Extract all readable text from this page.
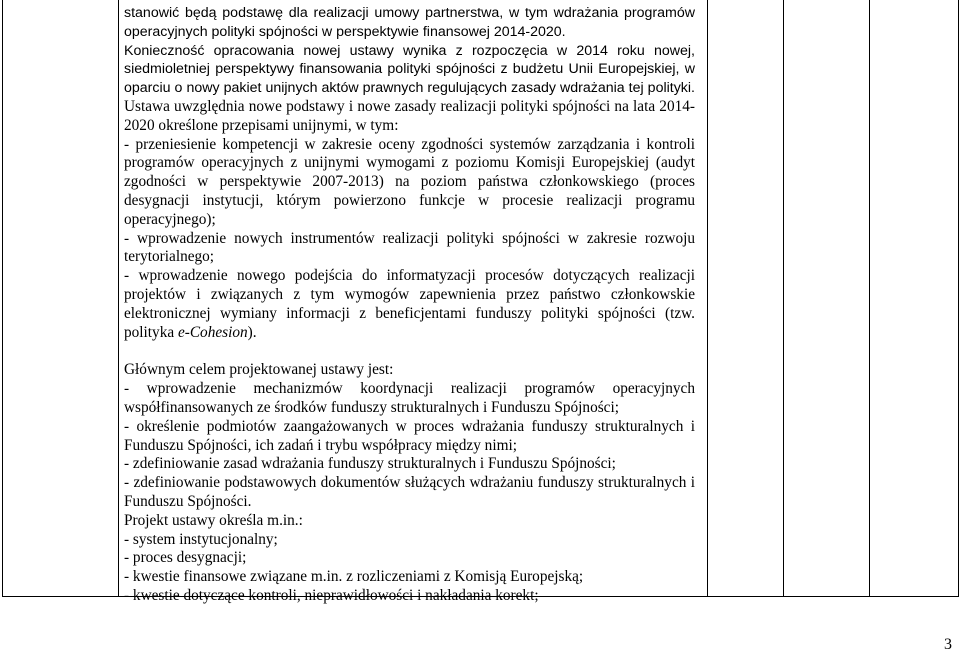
stanowić będą podstawę dla realizacji umowy partnerstwa, w tym wdrażania programów operacyjnych polityki spójności w perspektywie finansowej 2014-2020.

Konieczność opracowania nowej ustawy wynika z rozpoczęcia w 2014 roku nowej, siedmioletniej perspektywy finansowania polityki spójności z budżetu Unii Europejskiej, w oparciu o nowy pakiet unijnych aktów prawnych regulujących zasady wdrażania tej polityki. Ustawa uwzględnia nowe podstawy i nowe zasady realizacji polityki spójności na lata 2014-2020 określone przepisami unijnymi, w tym:

- przeniesienie kompetencji w zakresie oceny zgodności systemów zarządzania i kontroli programów operacyjnych z unijnymi wymogami z poziomu Komisji Europejskiej (audyt zgodności w perspektywie 2007-2013) na poziom państwa członkowskiego (proces desygnacji instytucji, którym powierzono funkcje w procesie realizacji programu operacyjnego);

- wprowadzenie nowych instrumentów realizacji polityki spójności w zakresie rozwoju terytorialnego;

- wprowadzenie nowego podejścia do informatyzacji procesów dotyczących realizacji projektów i związanych z tym wymogów zapewnienia przez państwo członkowskie elektronicznej wymiany informacji z beneficjentami funduszy polityki spójności (tzw. polityka e-Cohesion).

Głównym celem projektowanej ustawy jest:

- wprowadzenie mechanizmów koordynacji realizacji programów operacyjnych współfinansowanych ze środków funduszy strukturalnych i Funduszu Spójności;

- określenie podmiotów zaangażowanych w proces wdrażania funduszy strukturalnych i Funduszu Spójności, ich zadań i trybu współpracy między nimi;

- zdefiniowanie zasad wdrażania funduszy strukturalnych i Funduszu Spójności;

- zdefiniowanie podstawowych dokumentów służących wdrażaniu funduszy strukturalnych i Funduszu Spójności.

Projekt ustawy określa m.in.:

- system instytucjonalny;

- proces desygnacji;

- kwestie finansowe związane m.in. z rozliczeniami z Komisją Europejską;

- kwestie dotyczące kontroli, nieprawidłowości i nakładania korekt;

3
